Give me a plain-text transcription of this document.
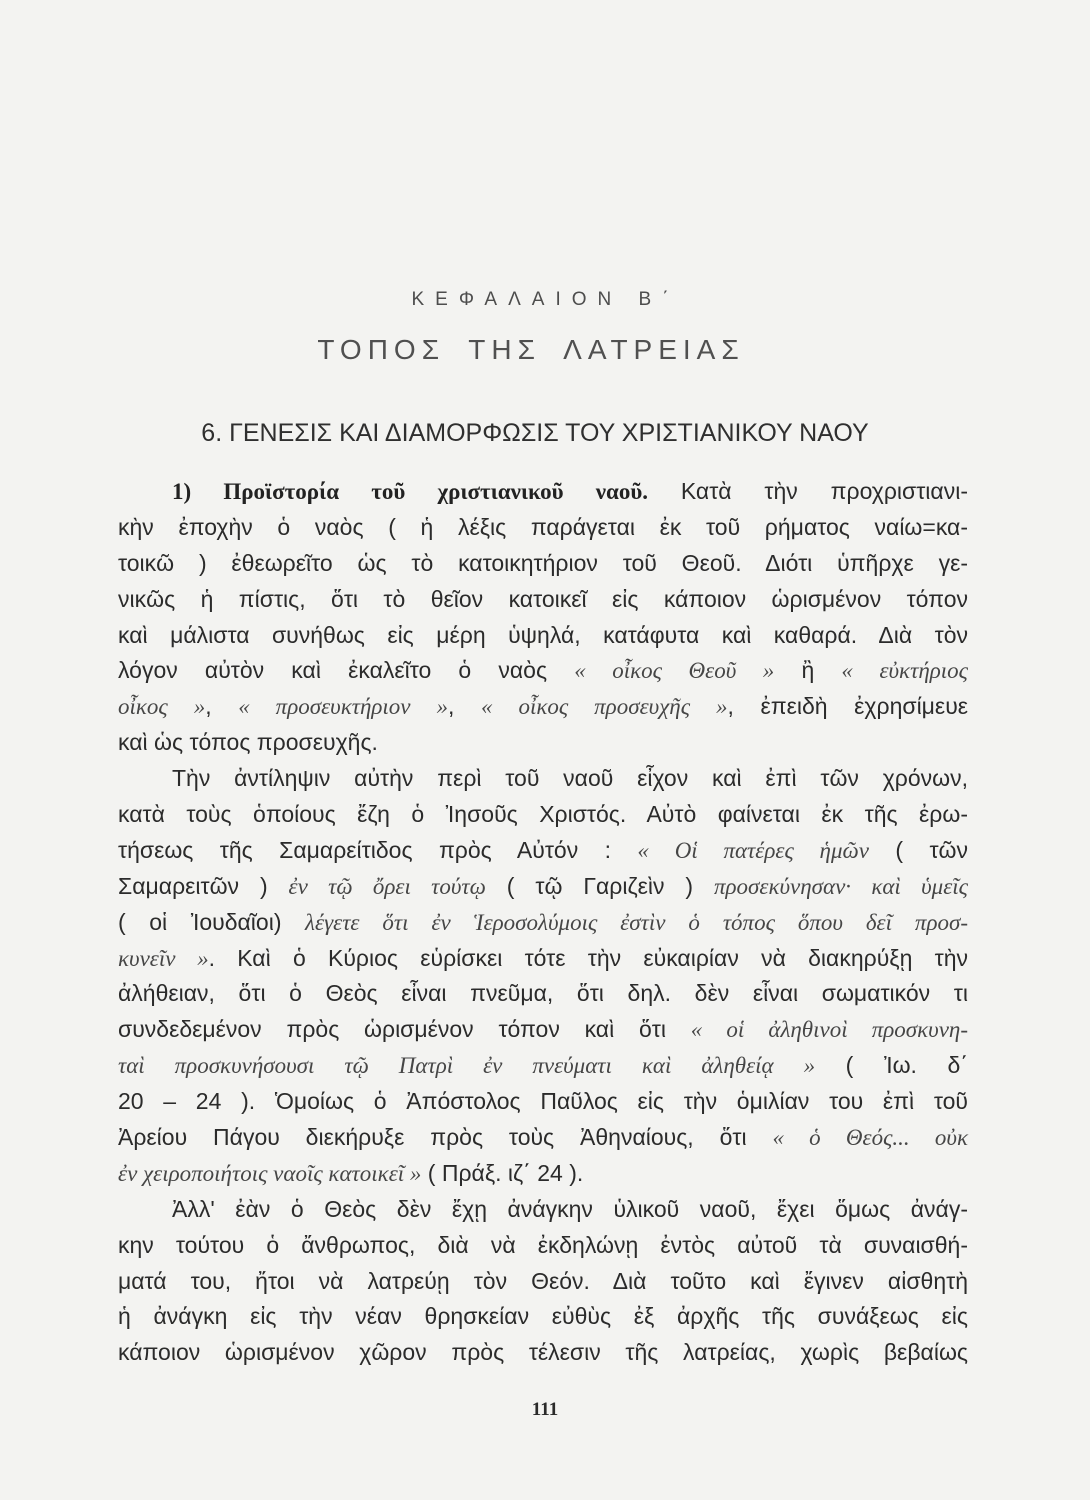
ΚΕΦΑΛΑΙΟΝ Β΄
ΤΟΠΟΣ ΤΗΣ ΛΑΤΡΕΙΑΣ
6. ΓΕΝΕΣΙΣ ΚΑΙ ΔΙΑΜΟΡΦΩΣΙΣ ΤΟΥ ΧΡΙΣΤΙΑΝΙΚΟΥ ΝΑΟΥ
1) Προϊστορία τοῦ χριστιανικοῦ ναοῦ. Κατὰ τὴν προχριστιανι-
κὴν ἐποχὴν ὁ ναὸς ( ἡ λέξις παράγεται ἐκ τοῦ ρήματος ναίω=κα-
τοικῶ ) ἐθεωρεῖτο ὡς τὸ κατοικητήριον τοῦ Θεοῦ. Διότι ὑπῆρχε γε-
νικῶς ἡ πίστις, ὅτι τὸ θεῖον κατοικεῖ εἰς κάποιον ὡρισμένον τόπον
καὶ μάλιστα συνήθως εἰς μέρη ὑψηλά, κατάφυτα καὶ καθαρά. Διὰ τὸν
λόγον αὐτὸν καὶ ἐκαλεῖτο ὁ ναὸς « οἶκος Θεοῦ » ἢ « εὐκτήριος
οἶκος », « προσευκτήριον », « οἶκος προσευχῆς », ἐπειδὴ ἐχρησίμευε
καὶ ὡς τόπος προσευχῆς.
Τὴν ἀντίληψιν αὐτὴν περὶ τοῦ ναοῦ εἶχον καὶ ἐπὶ τῶν χρόνων,
κατὰ τοὺς ὁποίους ἔζη ὁ Ἰησοῦς Χριστός. Αὐτὸ φαίνεται ἐκ τῆς ἐρω-
τήσεως τῆς Σαμαρείτιδος πρὸς Αὐτόν : « Οἱ πατέρες ἡμῶν ( τῶν
Σαμαρειτῶν ) ἐν τῷ ὄρει τούτῳ ( τῷ Γαριζεὶν ) προσεκύνησαν· καὶ ὑμεῖς
( οἱ Ἰουδαῖοι) λέγετε ὅτι ἐν Ἱεροσολύμοις ἐστὶν ὁ τόπος ὅπου δεῖ προσ-
κυνεῖν ». Καὶ ὁ Κύριος εὑρίσκει τότε τὴν εὐκαιρίαν νὰ διακηρύξῃ τὴν
ἀλήθειαν, ὅτι ὁ Θεὸς εἶναι πνεῦμα, ὅτι δηλ. δὲν εἶναι σωματικόν τι
συνδεδεμένον πρὸς ὡρισμένον τόπον καὶ ὅτι « οἱ ἀληθινοὶ προσκυνη-
ταὶ προσκυνήσουσι τῷ Πατρὶ ἐν πνεύματι καὶ ἀληθείᾳ » ( Ἰω. δ΄
20 – 24 ). Ὁμοίως ὁ Ἀπόστολος Παῦλος εἰς τὴν ὁμιλίαν του ἐπὶ τοῦ
Ἀρείου Πάγου διεκήρυξε πρὸς τοὺς Ἀθηναίους, ὅτι « ὁ Θεός... οὐκ
ἐν χειροποιήτοις ναοῖς κατοικεῖ » ( Πράξ. ιζ΄ 24 ).
Ἀλλ' ἐὰν ὁ Θεὸς δὲν ἔχῃ ἀνάγκην ὑλικοῦ ναοῦ, ἔχει ὅμως ἀνάγ-
κην τούτου ὁ ἄνθρωπος, διὰ νὰ ἐκδηλώνῃ ἐντὸς αὐτοῦ τὰ συναισθή-
ματά του, ἤτοι νὰ λατρεύῃ τὸν Θεόν. Διὰ τοῦτο καὶ ἔγινεν αἰσθητὴ
ἡ ἀνάγκη εἰς τὴν νέαν θρησκείαν εὐθὺς ἐξ ἀρχῆς τῆς συνάξεως εἰς
κάποιον ὡρισμένον χῶρον πρὸς τέλεσιν τῆς λατρείας, χωρὶς βεβαίως
111
